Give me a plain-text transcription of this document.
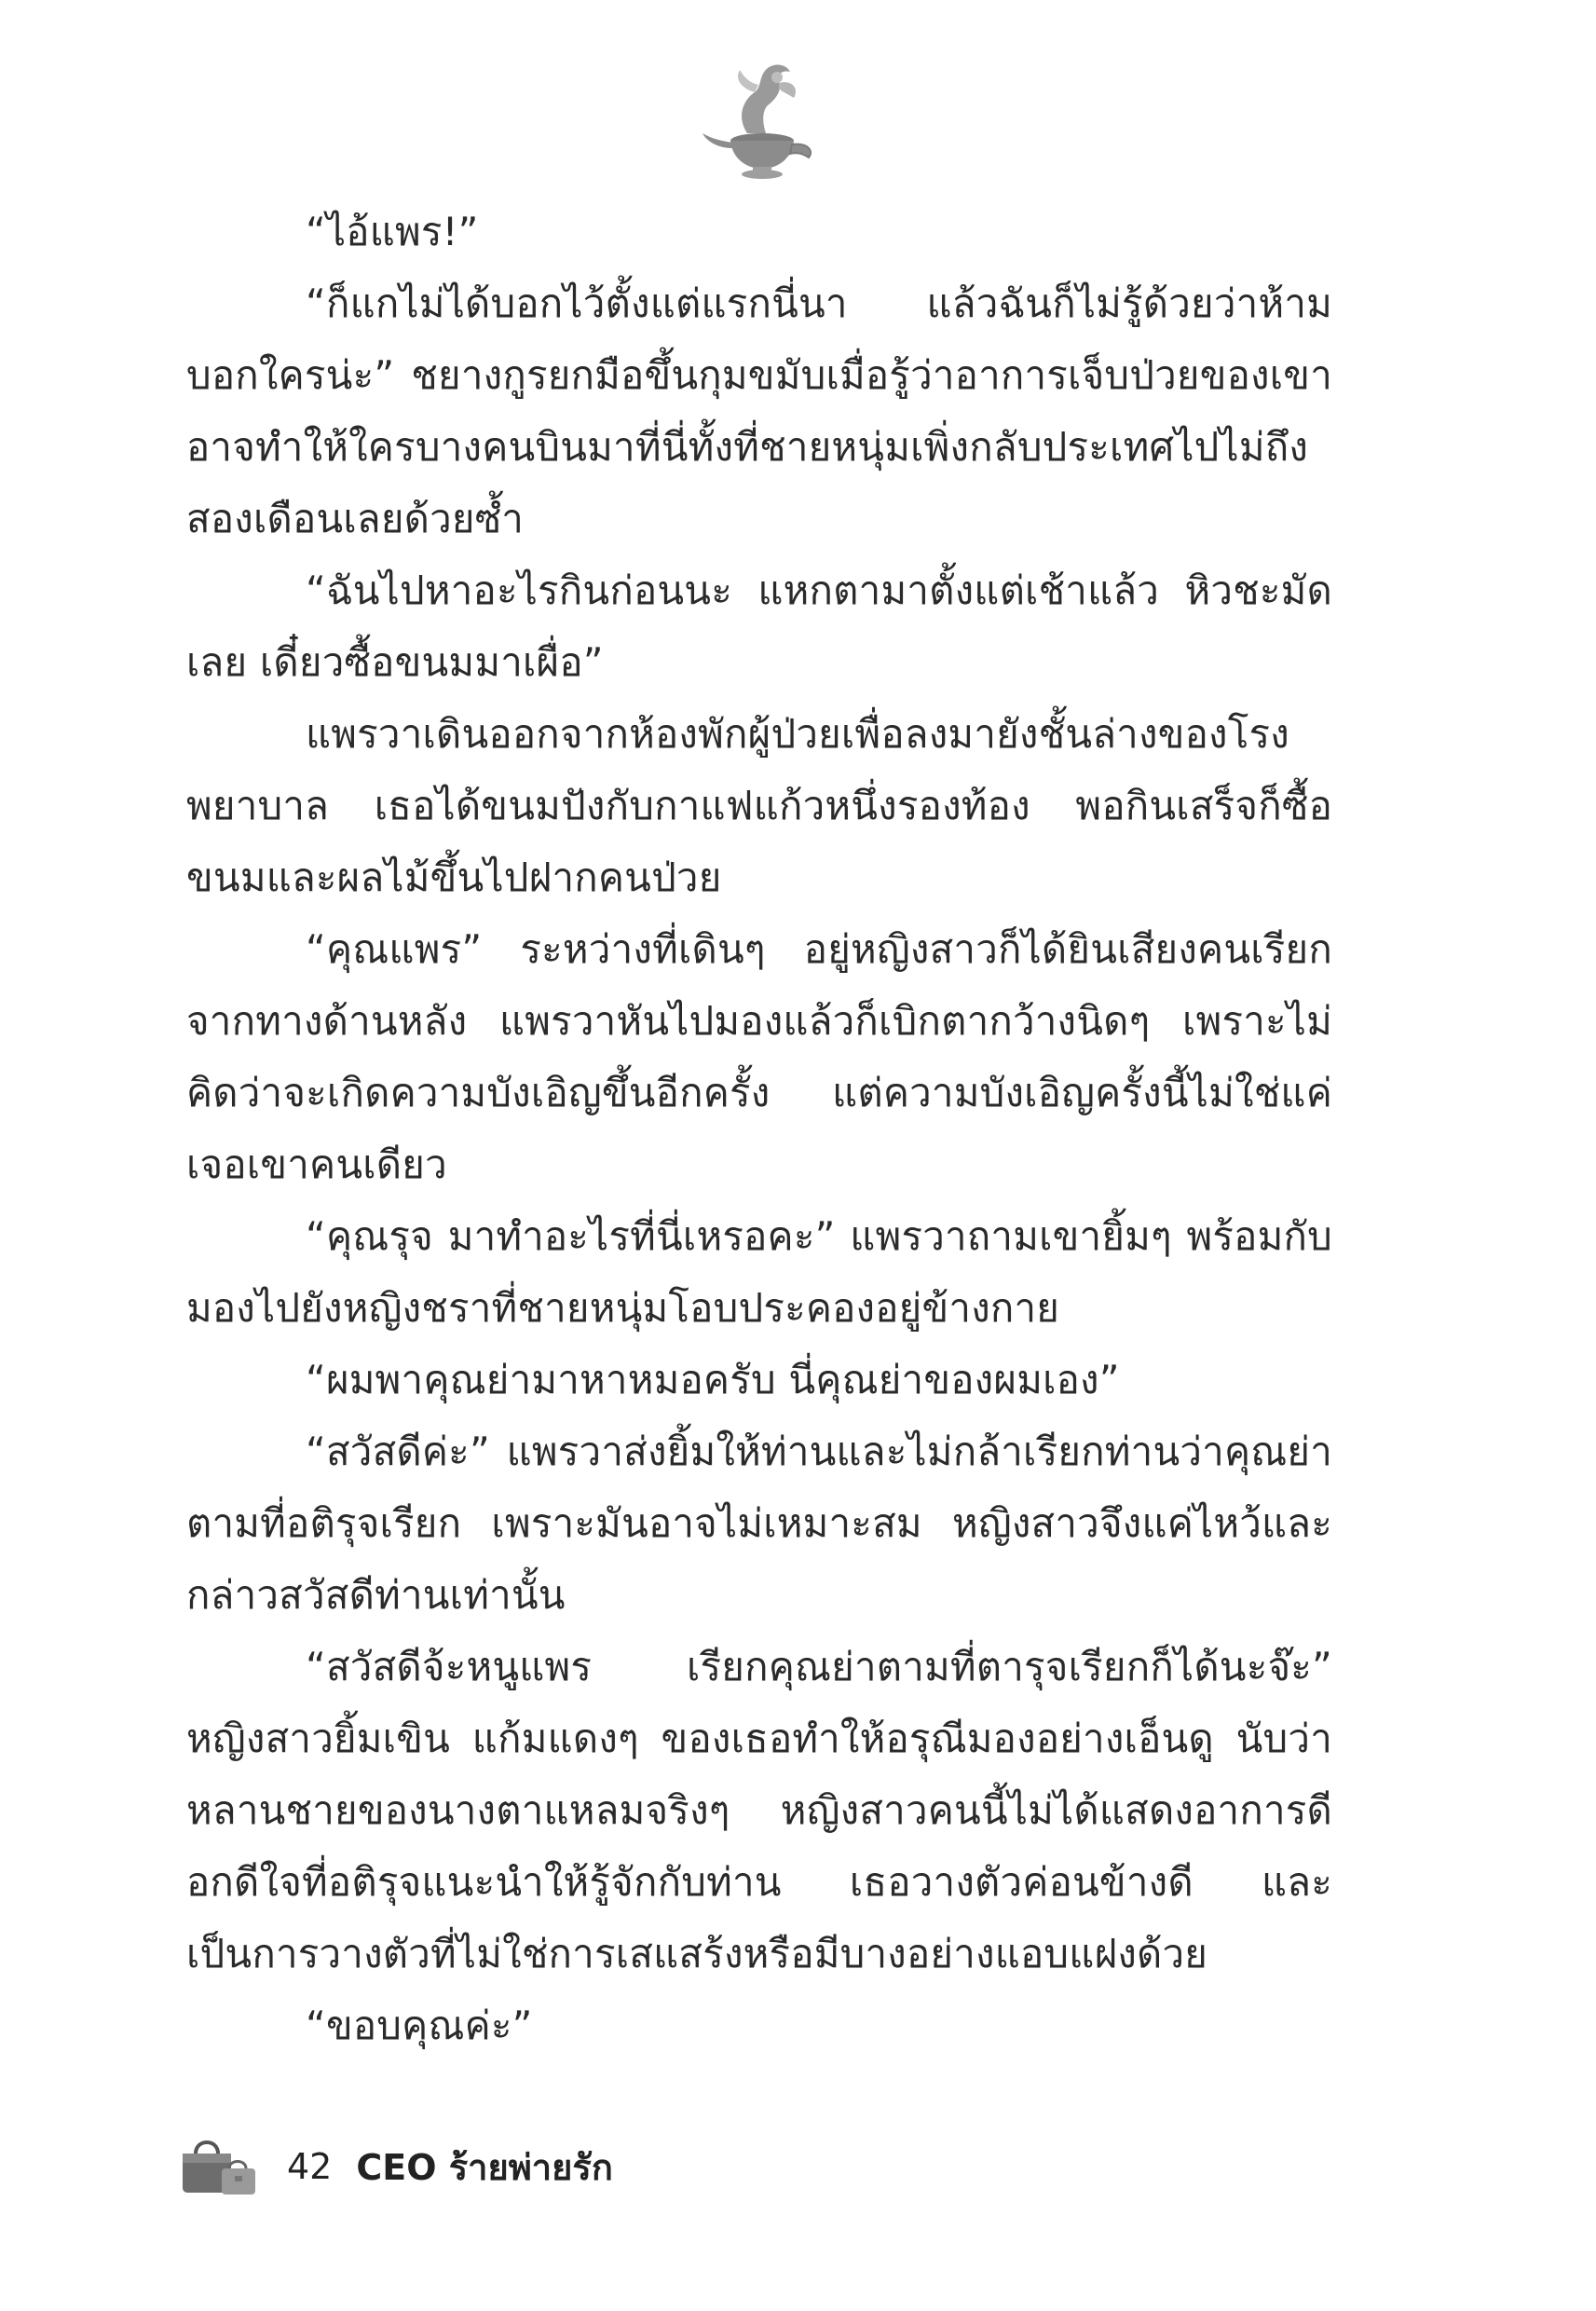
“ไอ้แพร!”

“ก็แกไม่ได้บอกไว้ตั้งแต่แรกนี่นา แล้วฉันก็ไม่รู้ด้วยว่าห้ามบอกใครน่ะ” ชยางกูรยกมือขึ้นกุมขมับเมื่อรู้ว่าอาการเจ็บป่วยของเขาอาจทำให้ใครบางคนบินมาที่นี่ทั้งที่ชายหนุ่มเพิ่งกลับประเทศไปไม่ถึงสองเดือนเลยด้วยซ้ำ

“ฉันไปหาอะไรกินก่อนนะ แหกตามาตั้งแต่เช้าแล้ว หิวชะมัดเลย เดี๋ยวซื้อขนมมาเผื่อ”

แพรวาเดินออกจากห้องพักผู้ป่วยเพื่อลงมายังชั้นล่างของโรงพยาบาล เธอได้ขนมปังกับกาแฟแก้วหนึ่งรองท้อง พอกินเสร็จก็ซื้อขนมและผลไม้ขึ้นไปฝากคนป่วย

“คุณแพร” ระหว่างที่เดินๆ อยู่หญิงสาวก็ได้ยินเสียงคนเรียกจากทางด้านหลัง แพรวาหันไปมองแล้วก็เบิกตากว้างนิดๆ เพราะไม่คิดว่าจะเกิดความบังเอิญขึ้นอีกครั้ง แต่ความบังเอิญครั้งนี้ไม่ใช่แค่เจอเขาคนเดียว

“คุณรุจ มาทำอะไรที่นี่เหรอคะ” แพรวาถามเขายิ้มๆ พร้อมกับมองไปยังหญิงชราที่ชายหนุ่มโอบประคองอยู่ข้างกาย

“ผมพาคุณย่ามาหาหมอครับ นี่คุณย่าของผมเอง”

“สวัสดีค่ะ” แพรวาส่งยิ้มให้ท่านและไม่กล้าเรียกท่านว่าคุณย่าตามที่อติรุจเรียก เพราะมันอาจไม่เหมาะสม หญิงสาวจึงแค่ไหว้และกล่าวสวัสดีท่านเท่านั้น

“สวัสดีจ้ะหนูแพร เรียกคุณย่าตามที่ตารุจเรียกก็ได้นะจ๊ะ” หญิงสาวยิ้มเขิน แก้มแดงๆ ของเธอทำให้อรุณีมองอย่างเอ็นดู นับว่าหลานชายของนางตาแหลมจริงๆ หญิงสาวคนนี้ไม่ได้แสดงอาการดีอกดีใจที่อติรุจแนะนำให้รู้จักกับท่าน เธอวางตัวค่อนข้างดี และเป็นการวางตัวที่ไม่ใช่การเสแสร้งหรือมีบางอย่างแอบแฝงด้วย

“ขอบคุณค่ะ”

42 CEO ร้ายพ่ายรัก
